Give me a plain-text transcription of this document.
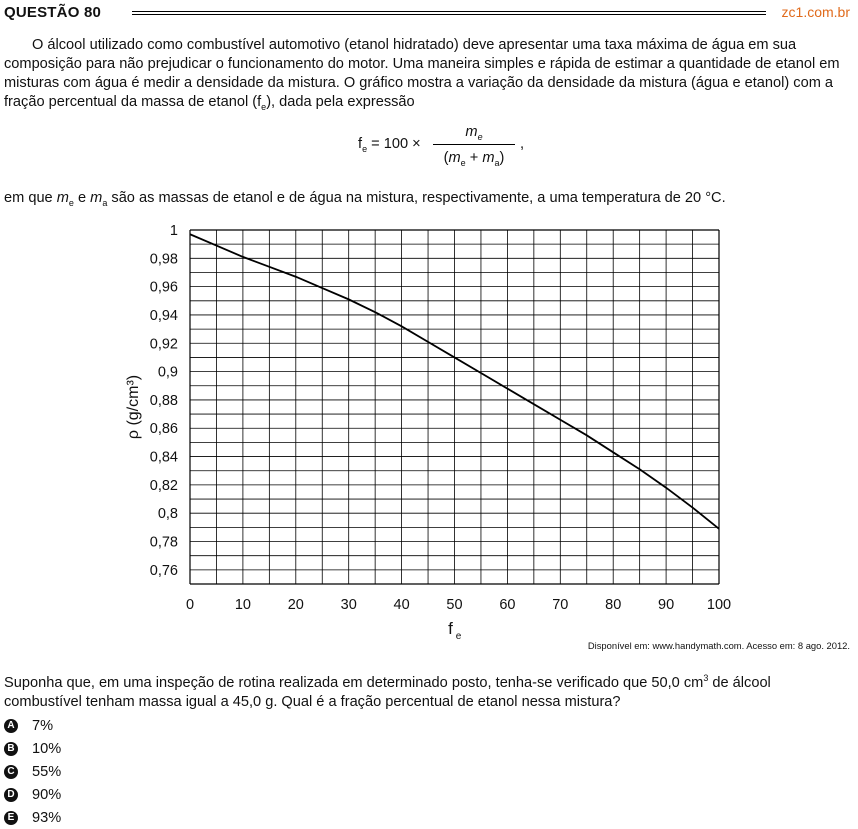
QUESTÃO 80	zc1.com.br
O álcool utilizado como combustível automotivo (etanol hidratado) deve apresentar uma taxa máxima de água em sua composição para não prejudicar o funcionamento do motor. Uma maneira simples e rápida de estimar a quantidade de etanol em misturas com água é medir a densidade da mistura. O gráfico mostra a variação da densidade da mistura (água e etanol) com a fração percentual da massa de etanol $(f_e)$, dada pela expressão
$f_e = 100$ ×
$m_e$
$(m_e + m_a)$
,
em que $m_e$ e $m_a$ são as massas de etanol e de água na mistura, respectivamente, a uma temperatura de 20 °C.
0,76
0,78
0,8
0,82
0,84
0,86
0,88
0,9
0,92
0,94
0,96
0,98
1
0	10	20	30	40	50	60	70	80	90 100
ρ (g/cm³)
f e
Disponível em: www.handymath.com. Acesso em: 8 ago. 2012.
Suponha que, em uma inspeção de rotina realizada em determinado posto, tenha-se verificado que 50,0 $cm^3$ de álcool combustível tenham massa igual a 45,0 g. Qual é a fração percentual de etanol nessa mistura?
A 7%
B 10%
C 55%
D 90%
E 93%
